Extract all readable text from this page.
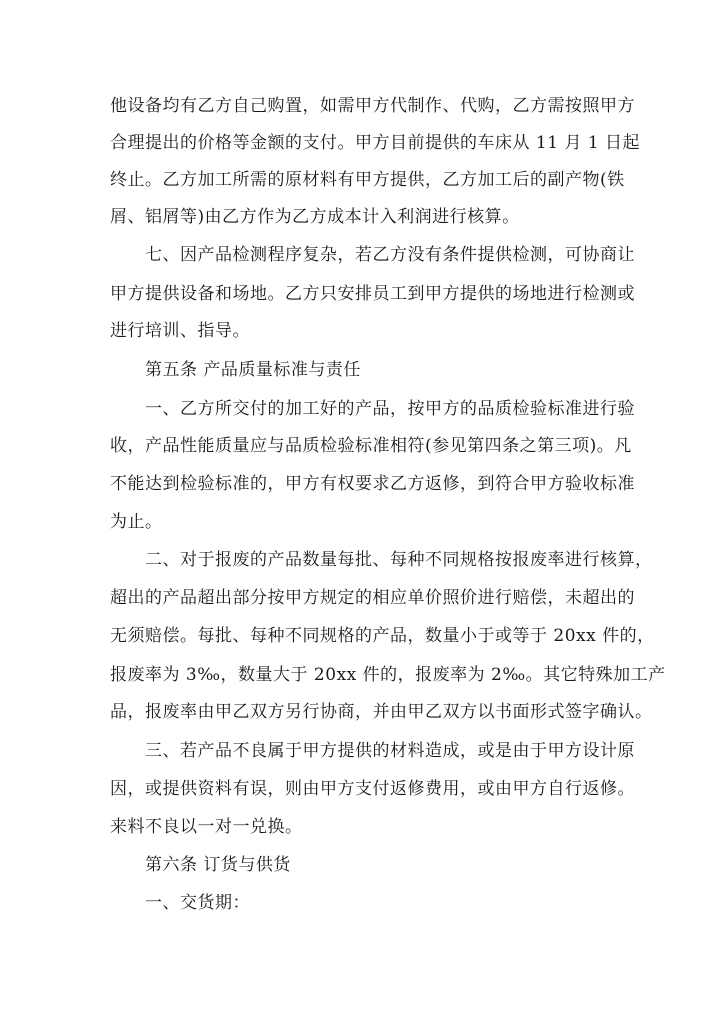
他设备均有乙方自己购置，如需甲方代制作、代购，乙方需按照甲方
合理提出的价格等金额的支付。甲方目前提供的车床从 11 月 1 日起
终止。乙方加工所需的原材料有甲方提供，乙方加工后的副产物(铁
屑、铝屑等)由乙方作为乙方成本计入利润进行核算。
七、因产品检测程序复杂，若乙方没有条件提供检测，可协商让
甲方提供设备和场地。乙方只安排员工到甲方提供的场地进行检测或
进行培训、指导。
第五条 产品质量标准与责任
一、乙方所交付的加工好的产品，按甲方的品质检验标准进行验
收，产品性能质量应与品质检验标准相符(参见第四条之第三项)。凡
不能达到检验标准的，甲方有权要求乙方返修，到符合甲方验收标准
为止。
二、对于报废的产品数量每批、每种不同规格按报废率进行核算，
超出的产品超出部分按甲方规定的相应单价照价进行赔偿，未超出的
无须赔偿。每批、每种不同规格的产品，数量小于或等于 20xx 件的，
报废率为 3‰，数量大于 20xx 件的，报废率为 2‰。其它特殊加工产
品，报废率由甲乙双方另行协商，并由甲乙双方以书面形式签字确认。
三、若产品不良属于甲方提供的材料造成，或是由于甲方设计原
因，或提供资料有误，则由甲方支付返修费用，或由甲方自行返修。
来料不良以一对一兑换。
第六条 订货与供货
一、交货期：
